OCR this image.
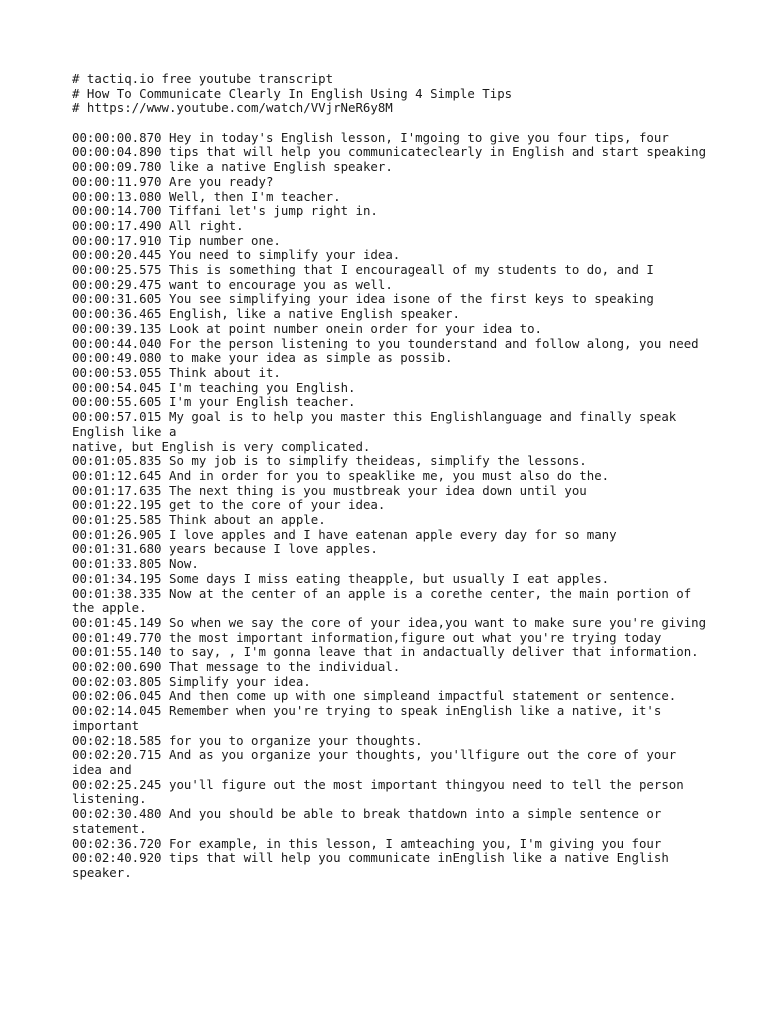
# tactiq.io free youtube transcript
# How To Communicate Clearly In English Using 4 Simple Tips
# https://www.youtube.com/watch/VVjrNeR6y8M
00:00:00.870 Hey in today's English lesson, I'mgoing to give you four tips, four
00:00:04.890 tips that will help you communicateclearly in English and start speaking
00:00:09.780 like a native English speaker.
00:00:11.970 Are you ready?
00:00:13.080 Well, then I'm teacher.
00:00:14.700 Tiffani let's jump right in.
00:00:17.490 All right.
00:00:17.910 Tip number one.
00:00:20.445 You need to simplify your idea.
00:00:25.575 This is something that I encourageall of my students to do, and I
00:00:29.475 want to encourage you as well.
00:00:31.605 You see simplifying your idea isone of the first keys to speaking
00:00:36.465 English, like a native English speaker.
00:00:39.135 Look at point number onein order for your idea to.
00:00:44.040 For the person listening to you tounderstand and follow along, you need
00:00:49.080 to make your idea as simple as possib.
00:00:53.055 Think about it.
00:00:54.045 I'm teaching you English.
00:00:55.605 I'm your English teacher.
00:00:57.015 My goal is to help you master this Englishlanguage and finally speak English like a
native, but English is very complicated.
00:01:05.835 So my job is to simplify theideas, simplify the lessons.
00:01:12.645 And in order for you to speaklike me, you must also do the.
00:01:17.635 The next thing is you mustbreak your idea down until you
00:01:22.195 get to the core of your idea.
00:01:25.585 Think about an apple.
00:01:26.905 I love apples and I have eatenan apple every day for so many
00:01:31.680 years because I love apples.
00:01:33.805 Now.
00:01:34.195 Some days I miss eating theapple, but usually I eat apples.
00:01:38.335 Now at the center of an apple is a corethe center, the main portion of the apple.
00:01:45.149 So when we say the core of your idea,you want to make sure you're giving
00:01:49.770 the most important information,figure out what you're trying today
00:01:55.140 to say, , I'm gonna leave that in andactually deliver that information.
00:02:00.690 That message to the individual.
00:02:03.805 Simplify your idea.
00:02:06.045 And then come up with one simpleand impactful statement or sentence.
00:02:14.045 Remember when you're trying to speak inEnglish like a native, it's important
00:02:18.585 for you to organize your thoughts.
00:02:20.715 And as you organize your thoughts, you'llfigure out the core of your idea and
00:02:25.245 you'll figure out the most important thingyou need to tell the person listening.
00:02:30.480 And you should be able to break thatdown into a simple sentence or statement.
00:02:36.720 For example, in this lesson, I amteaching you, I'm giving you four
00:02:40.920 tips that will help you communicate inEnglish like a native English speaker.
